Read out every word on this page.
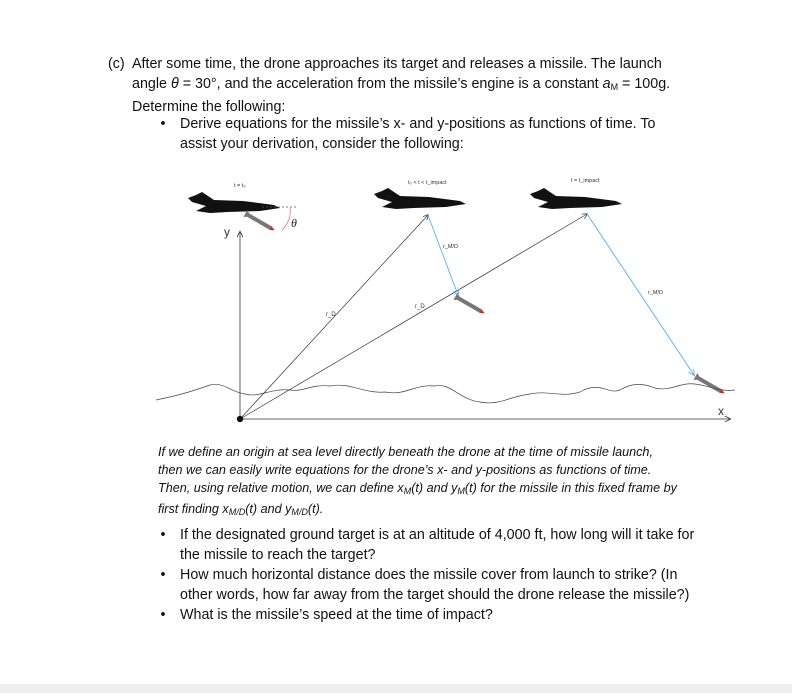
(c) After some time, the drone approaches its target and releases a missile. The launch
angle θ = 30°, and the acceleration from the missile’s engine is a constant $a_M = 100g$.
Determine the following:
•	Derive equations for the missile’s x- and y-positions as functions of time. To
assist your derivation, consider the following:
t = t₀	t₀ < t < t_impact	t = t_impact
θ
y
x
r_D
r_D
r_M/D
r_M/D
If we define an origin at sea level directly beneath the drone at the time of missile launch,
then we can easily write equations for the drone’s x- and y-positions as functions of time.
Then, using relative motion, we can define $x_M(t)$ and $y_M(t)$ for the missile in this fixed frame by
first finding $x_{M/D}(t)$ and $y_{M/D}(t)$.
•	If the designated ground target is at an altitude of 4,000 ft, how long will it take for
the missile to reach the target?
•	How much horizontal distance does the missile cover from launch to strike? (In
other words, how far away from the target should the drone release the missile?)
•	What is the missile’s speed at the time of impact?
